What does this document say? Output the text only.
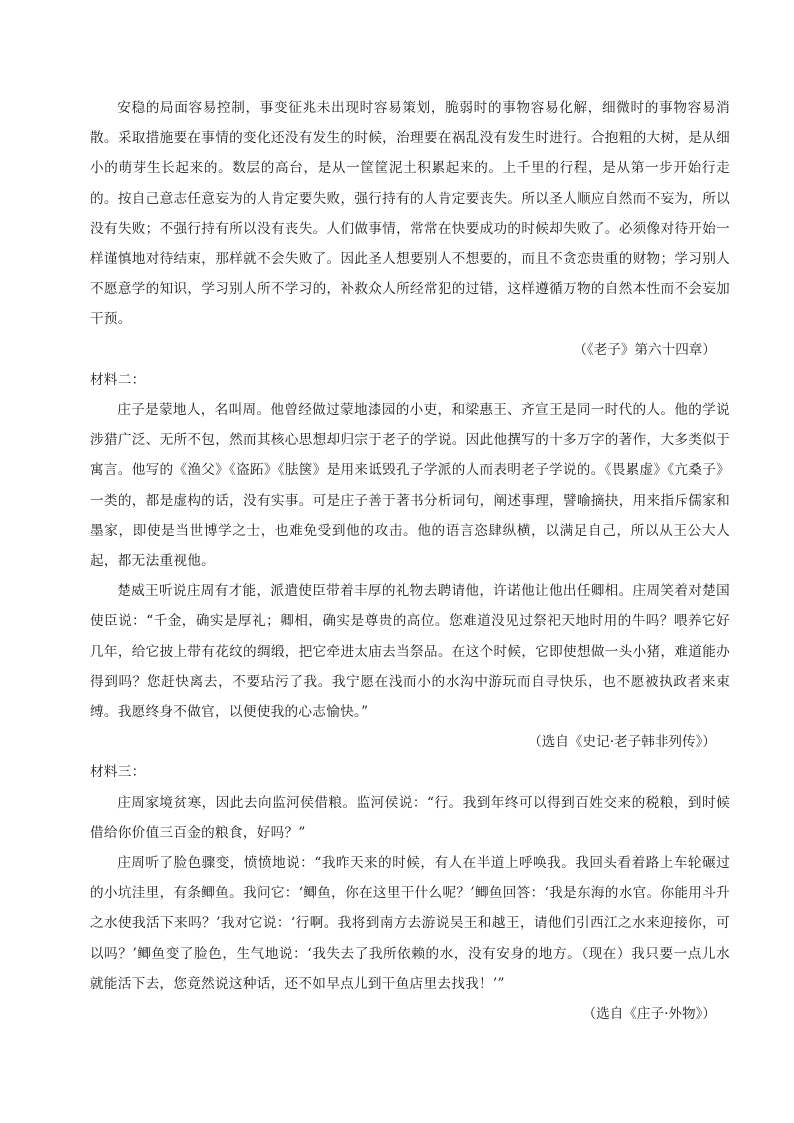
安稳的局面容易控制，事变征兆未出现时容易策划，脆弱时的事物容易化解，细微时的事物容易消散。采取措施要在事情的变化还没有发生的时候，治理要在祸乱没有发生时进行。合抱粗的大树，是从细小的萌芽生长起来的。数层的高台，是从一筐筐泥土积累起来的。上千里的行程，是从第一步开始行走的。按自己意志任意妄为的人肯定要失败，强行持有的人肯定要丧失。所以圣人顺应自然而不妄为，所以没有失败；不强行持有所以没有丧失。人们做事情，常常在快要成功的时候却失败了。必须像对待开始一样谨慎地对待结束，那样就不会失败了。因此圣人想要别人不想要的，而且不贪恋贵重的财物；学习别人不愿意学的知识，学习别人所不学习的，补救众人所经常犯的过错，这样遵循万物的自然本性而不会妄加干预。

（《老子》第六十四章）

材料二：

庄子是蒙地人，名叫周。他曾经做过蒙地漆园的小吏，和梁惠王、齐宣王是同一时代的人。他的学说涉猎广泛、无所不包，然而其核心思想却归宗于老子的学说。因此他撰写的十多万字的著作，大多类似于寓言。他写的《渔父》《盗跖》《胠箧》是用来诋毁孔子学派的人而表明老子学说的。《畏累虚》《亢桑子》一类的，都是虚构的话，没有实事。可是庄子善于著书分析词句，阐述事理，譬喻摘抉，用来指斥儒家和墨家，即使是当世博学之士，也难免受到他的攻击。他的语言恣肆纵横，以满足自己，所以从王公大人起，都无法重视他。

楚威王听说庄周有才能，派遣使臣带着丰厚的礼物去聘请他，许诺他让他出任卿相。庄周笑着对楚国使臣说：“千金，确实是厚礼；卿相，确实是尊贵的高位。您难道没见过祭祀天地时用的牛吗？喂养它好几年，给它披上带有花纹的绸缎，把它牵进太庙去当祭品。在这个时候，它即使想做一头小猪，难道能办得到吗？您赶快离去，不要玷污了我。我宁愿在浅而小的水沟中游玩而自寻快乐，也不愿被执政者来束缚。我愿终身不做官，以便使我的心志愉快。”

（选自《史记·老子韩非列传》）

材料三：

庄周家境贫寒，因此去向监河侯借粮。监河侯说：“行。我到年终可以得到百姓交来的税粮，到时候借给你价值三百金的粮食，好吗？”

庄周听了脸色骤变，愤愤地说：“我昨天来的时候，有人在半道上呼唤我。我回头看着路上车轮碾过的小坑洼里，有条鲫鱼。我问它：‘鲫鱼，你在这里干什么呢？’鲫鱼回答：‘我是东海的水官。你能用斗升之水使我活下来吗？’我对它说：‘行啊。我将到南方去游说吴王和越王，请他们引西江之水来迎接你，可以吗？’鲫鱼变了脸色，生气地说：‘我失去了我所依赖的水，没有安身的地方。（现在）我只要一点儿水就能活下去，您竟然说这种话，还不如早点儿到干鱼店里去找我！’”

（选自《庄子·外物》）
